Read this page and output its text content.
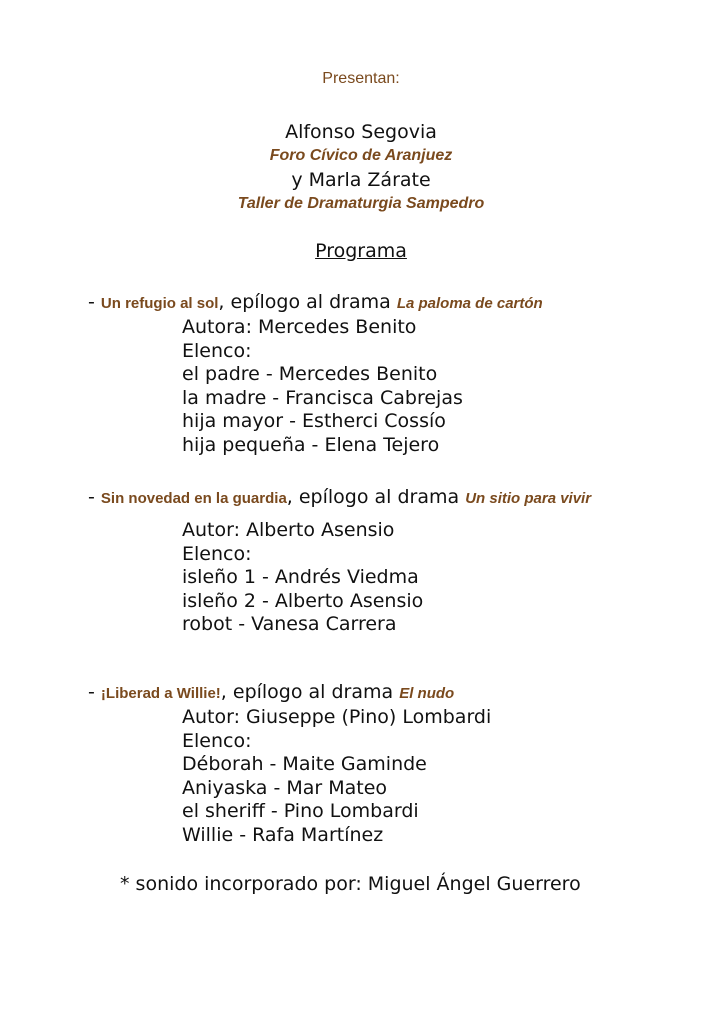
Presentan:
Alfonso Segovia
Foro Cívico de Aranjuez
y Marla Zárate
Taller de Dramaturgia Sampedro
Programa
- Un refugio al sol, epílogo al drama La paloma de cartón
Autora: Mercedes Benito
Elenco:
el padre - Mercedes Benito
la madre - Francisca Cabrejas
hija mayor - Estherci Cossío
hija pequeña - Elena Tejero
- Sin novedad en la guardia, epílogo al drama Un sitio para vivir
Autor: Alberto Asensio
Elenco:
isleño 1 - Andrés Viedma
isleño 2 - Alberto Asensio
robot - Vanesa Carrera
- ¡Liberad a Willie!, epílogo al drama El nudo
Autor: Giuseppe (Pino) Lombardi
Elenco:
Déborah - Maite Gaminde
Aniyaska - Mar Mateo
el sheriff - Pino Lombardi
Willie - Rafa Martínez
* sonido incorporado por: Miguel Ángel Guerrero
